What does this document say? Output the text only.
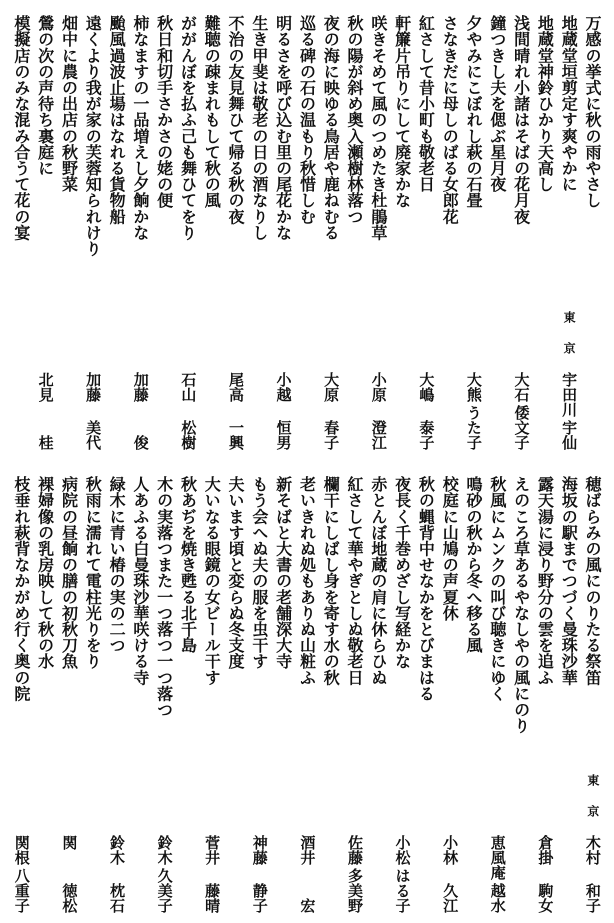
万感の挙式に秋の雨やさし
地蔵堂垣剪定す爽やかに
地蔵堂神鈴ひかり天高し
浅間晴れ小諸はそばの花月夜
鐘つきし夫を偲ぶ星月夜
夕やみにこぼれし萩の石畳
さなきだに母しのばる女郎花
紅さして昔小町も敬老日
軒簾片吊りにして廃家かな
咲きそめて風のつめたき杜鵑草
秋の陽が斜め奥入瀬樹林落つ
夜の海に映ゆる鳥居や鹿ねむる
巡る碑の石の温もり秋惜しむ
明るさを呼び込む里の尾花かな
生き甲斐は敬老の日の酒なりし
不治の友見舞ひて帰る秋の夜
難聴の疎まれもして秋の風
ががんぼを払ふ己も舞ひてをり
秋日和切手さかさの姥の便
柿なますの一品増えし夕餉かな
颱風過波止場はなれる貨物船
遠くより我が家の芙蓉知られけり
畑中に農の出店の秋野菜
鶯の次の声待ち裏庭に
模擬店のみな混み合うて花の宴
東京
宇田川
宇仙
大石
倭文子
大熊
うた子
大嶋
泰子
小原
澄江
大原
春子
小越
恒男
尾高
一興
石山
松樹
加藤
俊
加藤
美代
北見
桂
穂ばらみの風にのりたる祭笛
海坂の駅までつづく曼珠沙華
露天湯に浸り野分の雲を追ふ
えのころ草あるやなしやの風にのり
秋風にムンクの叫び聴きにゆく
鳴砂の秋から冬へ移る風
校庭に山鳩の声夏休
秋の蝿背中せなかをとびまはる
夜長く千巻めざし写経かな
赤とんぼ地蔵の肩に休らひぬ
紅さして華やぎとしぬ敬老日
欄干にしばし身を寄す水の秋
老いきれぬ処もありぬ山粧ふ
新そばと大書の老舗深大寺
もう会へぬ夫の服を虫干す
夫います頃と変らぬ冬支度
大いなる眼鏡の女ビール干す
秋あぢを焼き甦る北千島
木の実落つまた一つ落つ一つ落つ
人あふる白曼珠沙華咲ける寺
緑木に青い椿の実の二つ
秋雨に濡れて電柱光りをり
病院の昼餉の膳の初秋刀魚
裸婦像の乳房映して秋の水
枝垂れ萩背なかがめ行く奥の院
東京
木村
和子
倉掛
駒女
恵風庵
越水
小林
久江
小松
はる子
佐藤
多美野
酒井
宏
神藤
静子
菅井
藤晴
鈴木
久美子
鈴木
枕石
関
徳松
関根
八重子
